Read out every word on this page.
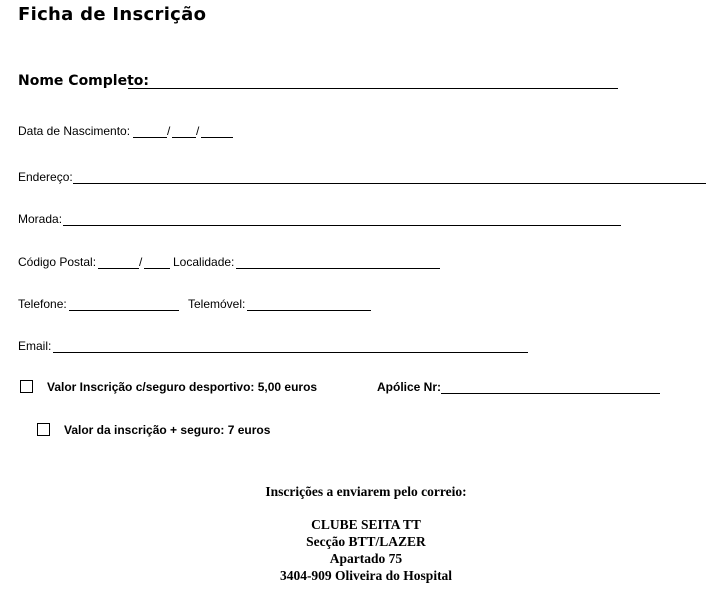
Ficha de Inscrição
Nome Completo:
Data de Nascimento:	/ /
Endereço:
Morada:
Código Postal:	/	Localidade:
Telefone:	Telemóvel:
Email:
Valor Inscrição c/seguro desportivo: 5,00 euros	Apólice Nr:
Valor da inscrição + seguro: 7 euros
Inscrições a enviarem pelo correio:
CLUBE SEITA TT
Secção BTT/LAZER
Apartado 75
3404-909 Oliveira do Hospital
